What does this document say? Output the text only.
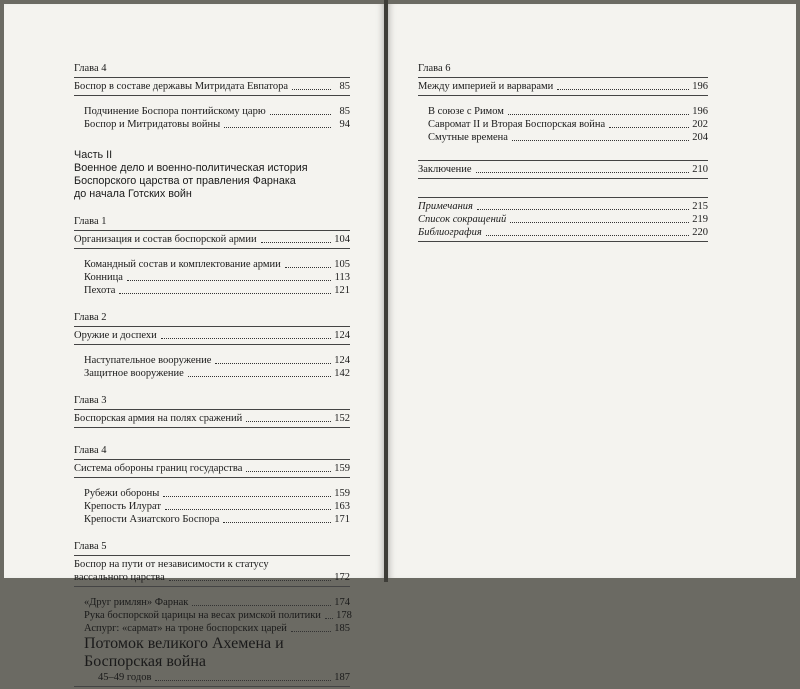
Глава 4
Боспор в составе державы Митридата Евпатора	85
Подчинение Боспора понтийскому царю	85
Боспор и Митридатовы войны	94
Часть II
Военное дело и военно-политическая история
Боспорского царства от правления Фарнака
до начала Готских войн
Глава 1
Организация и состав боспорской армии	104
Командный состав и комплектование армии	105
Конница	113
Пехота	121
Глава 2
Оружие и доспехи	124
Наступательное вооружение	124
Защитное вооружение	142
Глава 3
Боспорская армия на полях сражений	152
Глава 4
Система обороны границ государства	159
Рубежи обороны	159
Крепость Илурат	163
Крепости Азиатского Боспора	171
Глава 5
Боспор на пути от независимости к статусу
вассального царства	172
«Друг римлян» Фарнак	174
Рука боспорской царицы на весах римской политики 178
Аспург: «сармат» на троне боспорских царей	185
Потомок великого Ахемена и Боспорская война
45–49 годов	187
Глава 6
Между империей и варварами	196
В союзе с Римом	196
Савромат II и Вторая Боспорская война	202
Смутные времена	204
Заключение	210
Примечания	215
Список сокращений	219
Библиография	220
